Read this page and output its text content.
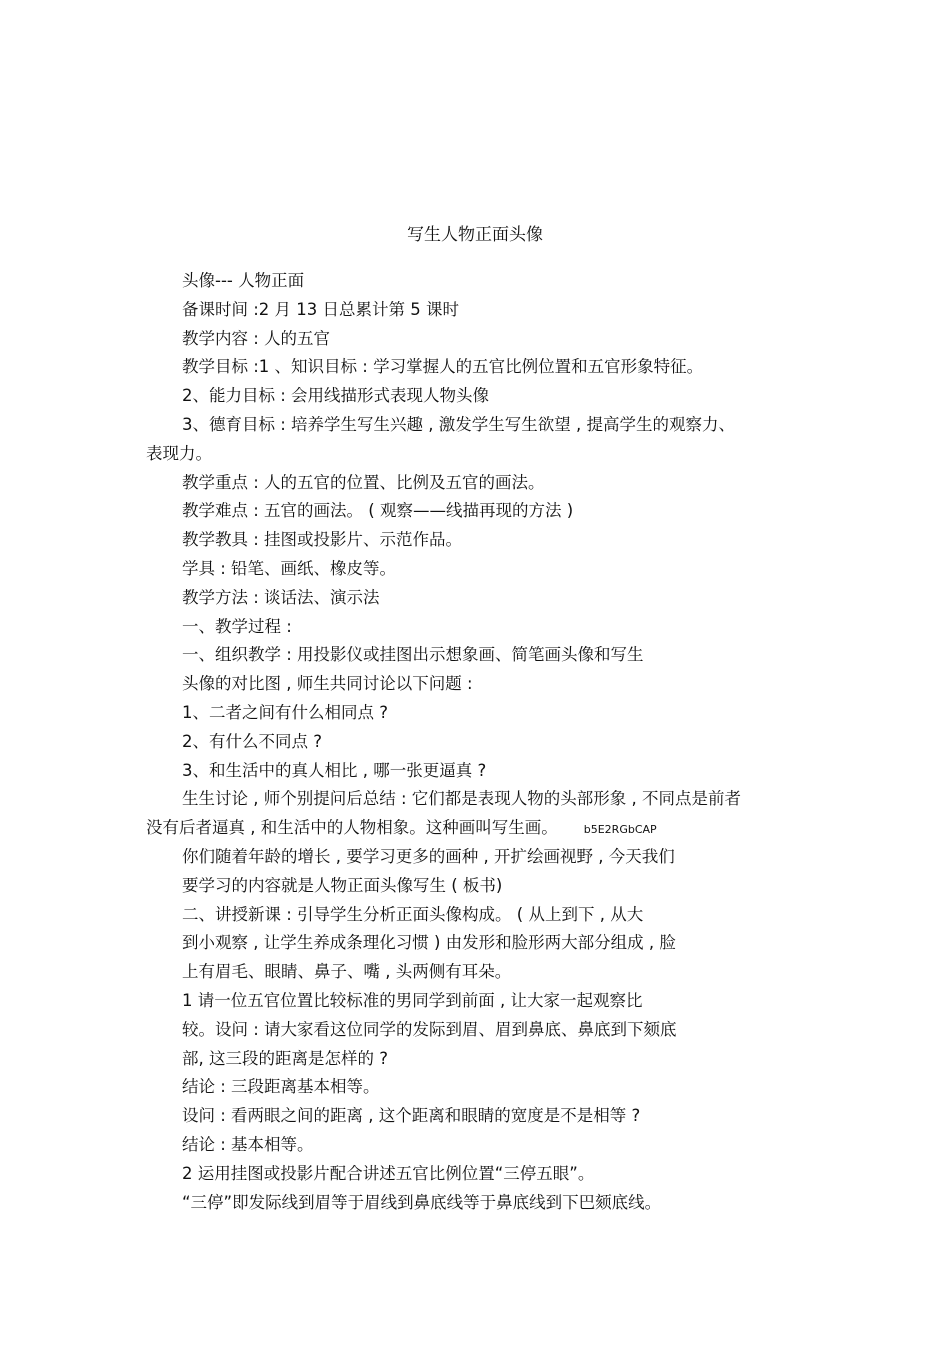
写生人物正面头像
头像--- 人物正面
备课时间 :2 月 13 日总累计第 5 课时
教学内容 : 人的五官
教学目标 :1 、知识目标 : 学习掌握人的五官比例位置和五官形象特征。
2、能力目标 : 会用线描形式表现人物头像
3、德育目标 : 培养学生写生兴趣 , 激发学生写生欲望 , 提高学生的观察力、
表现力。
教学重点 : 人的五官的位置、比例及五官的画法。
教学难点 : 五官的画法。 ( 观察——线描再现的方法 )
教学教具 : 挂图或投影片、示范作品。
学具 : 铅笔、画纸、橡皮等。
教学方法 : 谈话法、演示法
一、教学过程 :
一、组织教学 : 用投影仪或挂图出示想象画、简笔画头像和写生
头像的对比图 , 师生共同讨论以下问题 :
1、二者之间有什么相同点 ?
2、有什么不同点 ?
3、和生活中的真人相比 , 哪一张更逼真 ?
生生讨论 , 师个别提问后总结 : 它们都是表现人物的头部形象 , 不同点是前者
没有后者逼真 , 和生活中的人物相象。这种画叫写生画。 b5E2RGbCAP
你们随着年龄的增长 , 要学习更多的画种 , 开扩绘画视野 , 今天我们
要学习的内容就是人物正面头像写生 ( 板书)
二、讲授新课 : 引导学生分析正面头像构成。 ( 从上到下 , 从大
到小观察 , 让学生养成条理化习惯 ) 由发形和脸形两大部分组成 , 脸
上有眉毛、眼睛、鼻子、嘴 , 头两侧有耳朵。
1 请一位五官位置比较标准的男同学到前面 , 让大家一起观察比
较。设问 : 请大家看这位同学的发际到眉、眉到鼻底、鼻底到下颏底
部, 这三段的距离是怎样的 ?
结论 : 三段距离基本相等。
设问 : 看两眼之间的距离 , 这个距离和眼睛的宽度是不是相等 ?
结论 : 基本相等。
2 运用挂图或投影片配合讲述五官比例位置“三停五眼”。
“三停”即发际线到眉等于眉线到鼻底线等于鼻底线到下巴颏底线。
